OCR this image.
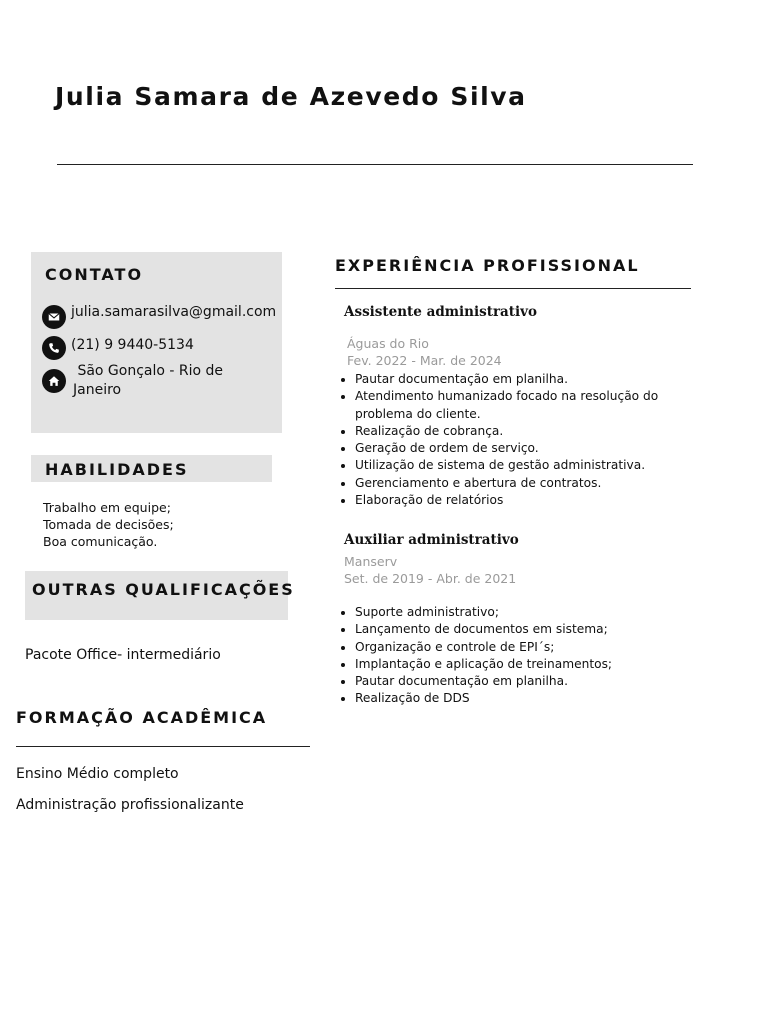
Julia Samara de Azevedo Silva
CONTATO
julia.samarasilva@gmail.com
(21) 9 9440-5134
São Gonçalo - Rio de Janeiro
HABILIDADES
Trabalho em equipe;
Tomada de decisões;
Boa comunicação.
OUTRAS QUALIFICAÇÕES
Pacote Office- intermediário
FORMAÇÃO ACADÊMICA
Ensino Médio completo
Administração profissionalizante
EXPERIÊNCIA PROFISSIONAL
Assistente administrativo
Águas do Rio
Fev. 2022 - Mar. de 2024
• Pautar documentação em planilha.
• Atendimento humanizado focado na resolução do problema do cliente.
• Realização de cobrança.
• Geração de ordem de serviço.
• Utilização de sistema de gestão administrativa.
• Gerenciamento e abertura de contratos.
• Elaboração de relatórios
Auxiliar administrativo
Manserv
Set. de 2019 - Abr. de 2021
• Suporte administrativo;
• Lançamento de documentos em sistema;
• Organização e controle de EPI´s;
• Implantação e aplicação de treinamentos;
• Pautar documentação em planilha.
• Realização de DDS
